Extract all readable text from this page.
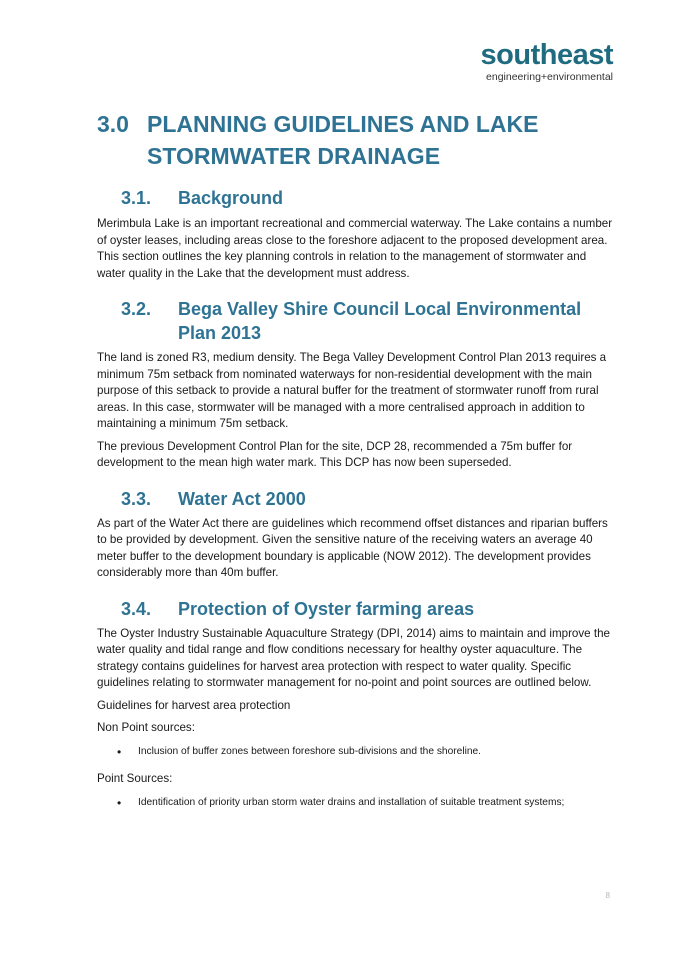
southeast
engineering+environmental
3.0 PLANNING GUIDELINES AND LAKE STORMWATER DRAINAGE
3.1.	Background

Merimbula Lake is an important recreational and commercial waterway. The Lake contains a number of oyster leases, including areas close to the foreshore adjacent to the proposed development area. This section outlines the key planning controls in relation to the management of stormwater and water quality in the Lake that the development must address.

3.2.	Bega Valley Shire Council Local Environmental Plan 2013

The land is zoned R3, medium density. The Bega Valley Development Control Plan 2013 requires a minimum 75m setback from nominated waterways for non-residential development with the main purpose of this setback to provide a natural buffer for the treatment of stormwater runoff from rural areas. In this case, stormwater will be managed with a more centralised approach in addition to maintaining a minimum 75m setback.

The previous Development Control Plan for the site, DCP 28, recommended a 75m buffer for development to the mean high water mark. This DCP has now been superseded.

3.3.	Water Act 2000

As part of the Water Act there are guidelines which recommend offset distances and riparian buffers to be provided by development. Given the sensitive nature of the receiving waters an average 40 meter buffer to the development boundary is applicable (NOW 2012). The development provides considerably more than 40m buffer.

3.4.	Protection of Oyster farming areas

The Oyster Industry Sustainable Aquaculture Strategy (DPI, 2014) aims to maintain and improve the water quality and tidal range and flow conditions necessary for healthy oyster aquaculture. The strategy contains guidelines for harvest area protection with respect to water quality. Specific guidelines relating to stormwater management for no-point and point sources are outlined below.

Guidelines for harvest area protection

Non Point sources:

• Inclusion of buffer zones between foreshore sub-divisions and the shoreline.

Point Sources:

• Identification of priority urban storm water drains and installation of suitable treatment systems;
8
